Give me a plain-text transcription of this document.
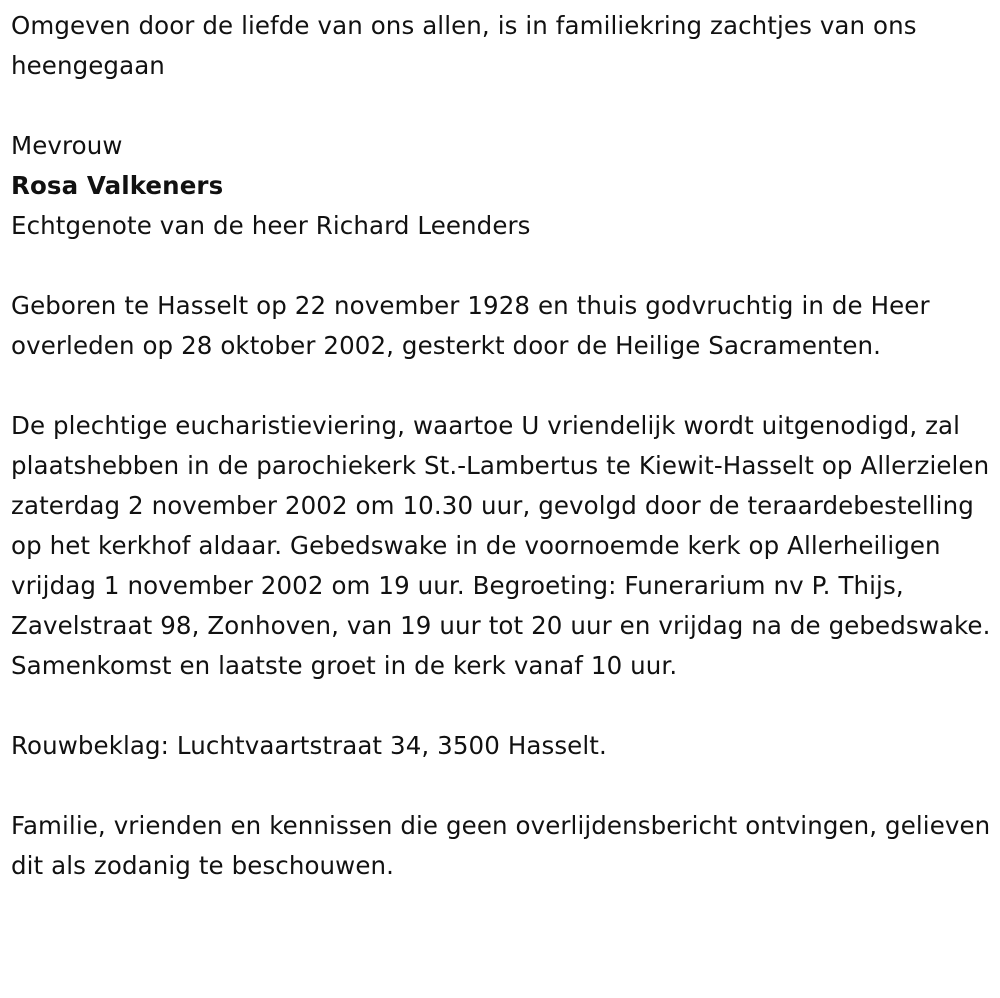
Omgeven door de liefde van ons allen, is in familiekring zachtjes van ons heengegaan

Mevrouw

Rosa Valkeners

Echtgenote van de heer Richard Leenders

Geboren te Hasselt op 22 november 1928 en thuis godvruchtig in de Heer overleden op 28 oktober 2002, gesterkt door de Heilige Sacramenten.

De plechtige eucharistieviering, waartoe U vriendelijk wordt uitgenodigd, zal plaatshebben in de parochiekerk St.-Lambertus te Kiewit-Hasselt op Allerzielen zaterdag 2 november 2002 om 10.30 uur, gevolgd door de teraardebestelling op het kerkhof aldaar. Gebedswake in de voornoemde kerk op Allerheiligen vrijdag 1 november 2002 om 19 uur. Begroeting: Funerarium nv P. Thijs, Zavelstraat 98, Zonhoven, van 19 uur tot 20 uur en vrijdag na de gebedswake. Samenkomst en laatste groet in de kerk vanaf 10 uur.

Rouwbeklag: Luchtvaartstraat 34, 3500 Hasselt.

Familie, vrienden en kennissen die geen overlijdensbericht ontvingen, gelieven dit als zodanig te beschouwen.
